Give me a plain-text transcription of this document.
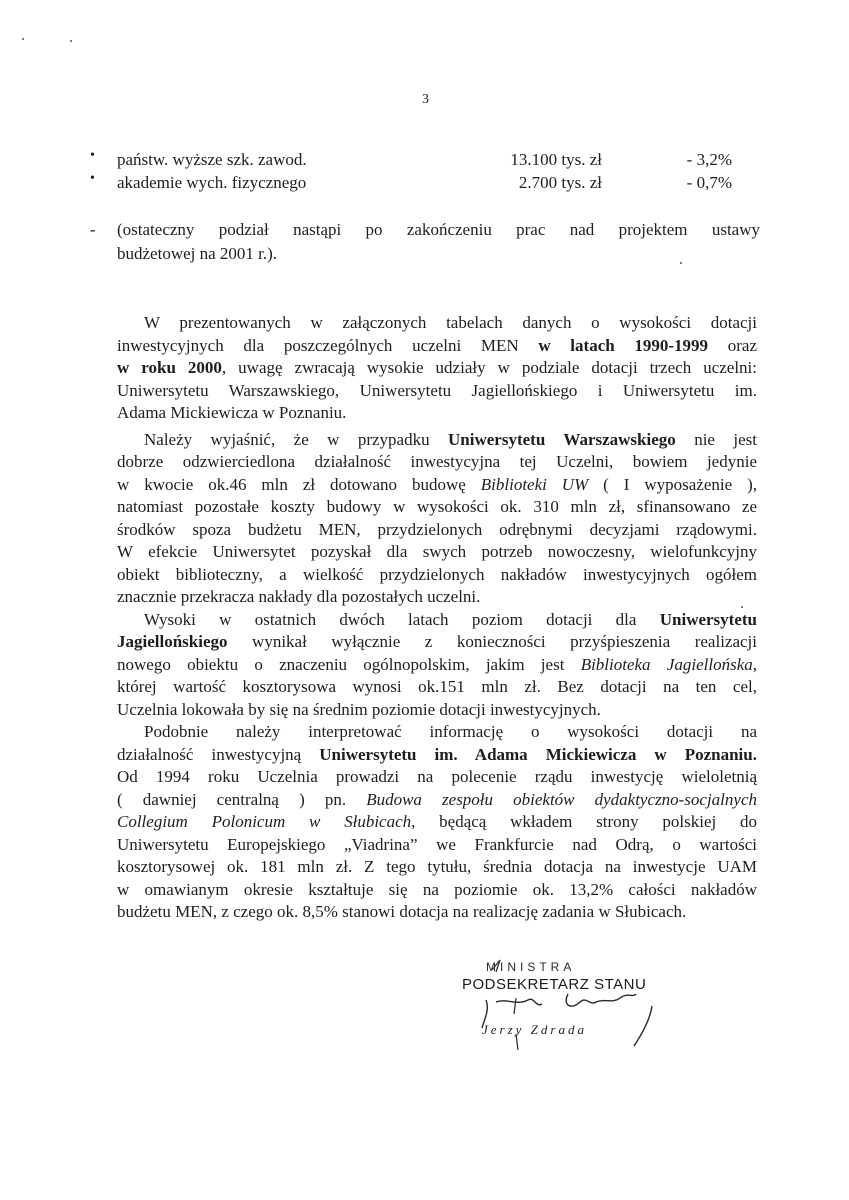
3
• państw. wyższe szk. zawod.	13.100 tys. zł	- 3,2%
• akademie wych. fizycznego	2.700 tys. zł	- 0,7%
- (ostateczny podział nastąpi po zakończeniu prac nad projektem ustawy
budżetowej na 2001 r.).

W prezentowanych w załączonych tabelach danych o wysokości dotacji
inwestycyjnych dla poszczególnych uczelni MEN w latach 1990-1999 oraz
w roku 2000, uwagę zwracają wysokie udziały w podziale dotacji trzech uczelni:
Uniwersytetu Warszawskiego, Uniwersytetu Jagiellońskiego i Uniwersytetu im.
Adama Mickiewicza w Poznaniu.

Należy wyjaśnić, że w przypadku Uniwersytetu Warszawskiego nie jest
dobrze odzwierciedlona działalność inwestycyjna tej Uczelni, bowiem jedynie
w kwocie ok.46 mln zł dotowano budowę Biblioteki UW ( I wyposażenie ),
natomiast pozostałe koszty budowy w wysokości ok. 310 mln zł, sfinansowano ze
środków spoza budżetu MEN, przydzielonych odrębnymi decyzjami rządowymi.
W efekcie Uniwersytet pozyskał dla swych potrzeb nowoczesny, wielofunkcyjny
obiekt biblioteczny, a wielkość przydzielonych nakładów inwestycyjnych ogółem
znacznie przekracza nakłady dla pozostałych uczelni.

Wysoki w ostatnich dwóch latach poziom dotacji dla Uniwersytetu
Jagiellońskiego wynikał wyłącznie z konieczności przyśpieszenia realizacji
nowego obiektu o znaczeniu ogólnopolskim, jakim jest Biblioteka Jagiellońska,
której wartość kosztorysowa wynosi ok.151 mln zł. Bez dotacji na ten cel,
Uczelnia lokowała by się na średnim poziomie dotacji inwestycyjnych.

Podobnie należy interpretować informację o wysokości dotacji na
działalność inwestycyjną Uniwersytetu im. Adama Mickiewicza w Poznaniu.
Od 1994 roku Uczelnia prowadzi na polecenie rządu inwestycję wieloletnią
( dawniej centralną ) pn. Budowa zespołu obiektów dydaktyczno-socjalnych
Collegium Polonicum w Słubicach, będącą wkładem strony polskiej do
Uniwersytetu Europejskiego „Viadrina” we Frankfurcie nad Odrą, o wartości
kosztorysowej ok. 181 mln zł. Z tego tytułu, średnia dotacja na inwestycje UAM
w omawianym okresie kształtuje się na poziomie ok. 13,2% całości nakładów
budżetu MEN, z czego ok. 8,5% stanowi dotacja na realizację zadania w Słubicach.

MINISTRA
PODSEKRETARZ STANU
Jerzy Zdrada
